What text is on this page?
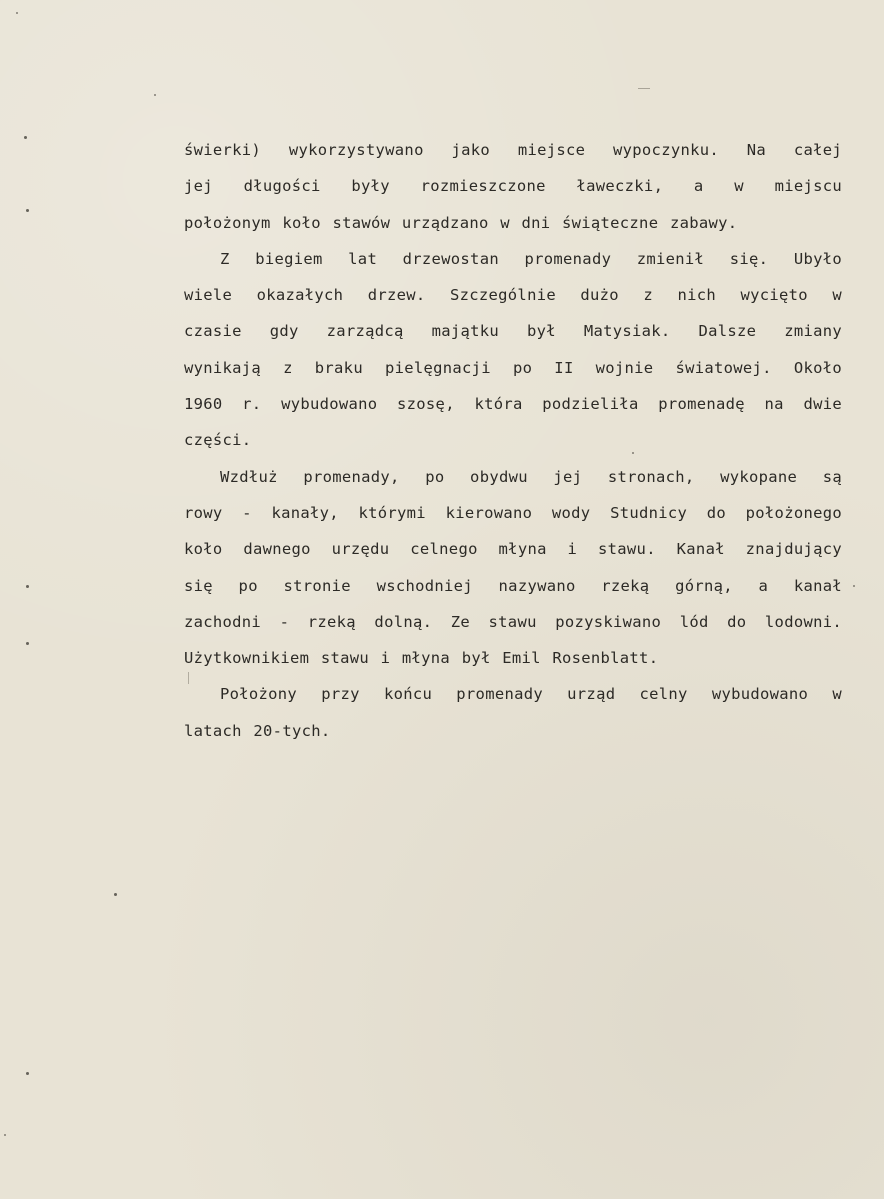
świerki) wykorzystywano jako miejsce wypoczynku. Na całej
jej długości były rozmieszczone ławeczki, a w miejscu
położonym koło stawów urządzano w dni świąteczne zabawy.
Z biegiem lat drzewostan promenady zmienił się. Ubyło
wiele okazałych drzew. Szczególnie dużo z nich wycięto w
czasie gdy zarządcą majątku był Matysiak. Dalsze zmiany
wynikają z braku pielęgnacji po II wojnie światowej. Około
1960 r. wybudowano szosę, która podzieliła promenadę na dwie
części.
Wzdłuż promenady, po obydwu jej stronach, wykopane są
rowy - kanały, którymi kierowano wody Studnicy do położonego
koło dawnego urzędu celnego młyna i stawu. Kanał znajdujący
się po stronie wschodniej nazywano rzeką górną, a kanał
zachodni - rzeką dolną. Ze stawu pozyskiwano lód do lodowni.
Użytkownikiem stawu i młyna był Emil Rosenblatt.
Położony przy końcu promenady urząd celny wybudowano w
latach 20-tych.
